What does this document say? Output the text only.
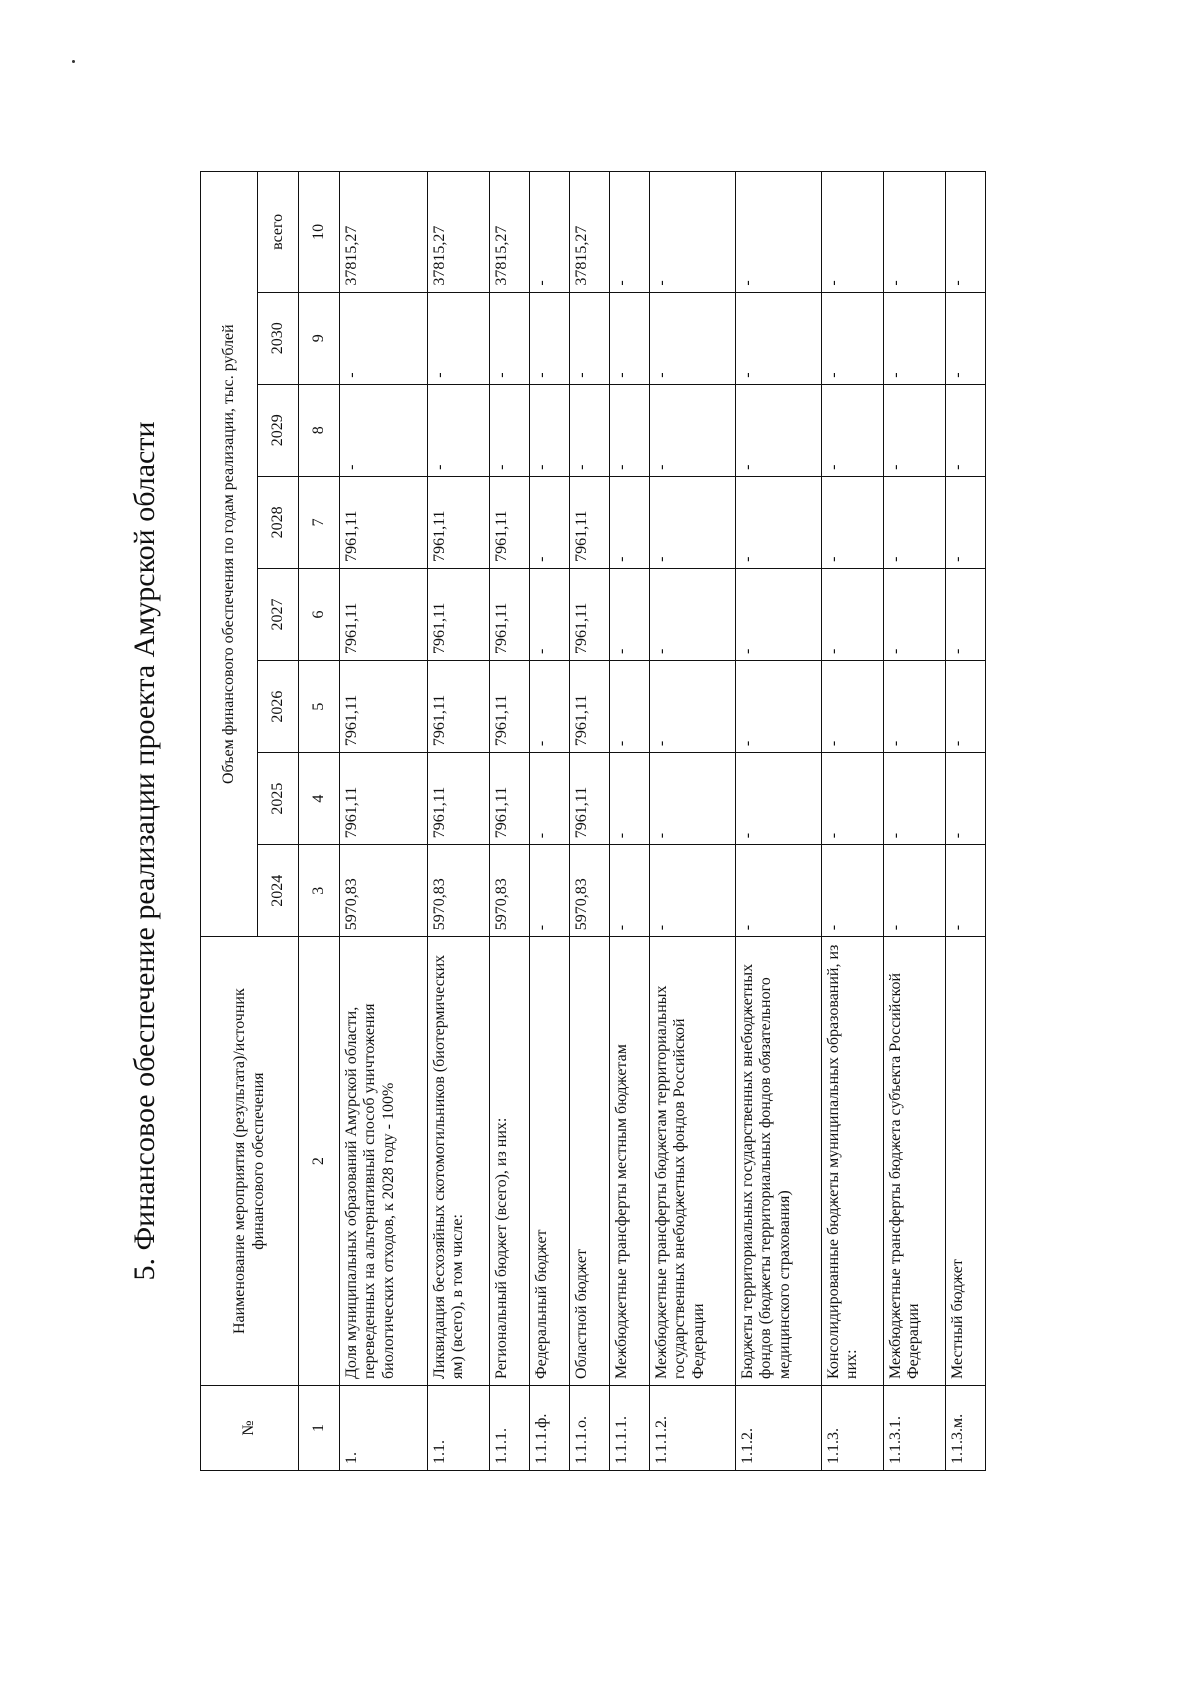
5. Финансовое обеспечение реализации проекта Амурской области
№	Наименование мероприятия (результата)/источник финансового обеспечения	Объем финансового обеспечения по годам реализации, тыс. рублей							
		2024	2025	2026	2027	2028	2029	2030	всего
1	2	3	4	5	6	7	8	9	10
1.	Доля муниципальных образований Амурской области, переведенных на альтернативный способ уничтожения биологических отходов, к 2028 году - 100%	5970,83	7961,11	7961,11	7961,11	7961,11	-	-	37815,27
1.1.	Ликвидация бесхозяйных скотомогильников (биотермических ям) (всего), в том числе:	5970,83	7961,11	7961,11	7961,11	7961,11	-	-	37815,27
1.1.1.	Региональный бюджет (всего), из них:	5970,83	7961,11	7961,11	7961,11	7961,11	-	-	37815,27
1.1.1.ф.	Федеральный бюджет	-	-	-	-	-	-	-	-
1.1.1.о.	Областной бюджет	5970,83	7961,11	7961,11	7961,11	7961,11	-	-	37815,27
1.1.1.1.	Межбюджетные трансферты местным бюджетам	-	-	-	-	-	-	-	-
1.1.1.2.	Межбюджетные трансферты бюджетам территориальных государственных внебюджетных фондов Российской Федерации	-	-	-	-	-	-	-	-
1.1.2.	Бюджеты территориальных государственных внебюджетных фондов (бюджеты территориальных фондов обязательного медицинского страхования)	-	-	-	-	-	-	-	-
1.1.3.	Консолидированные бюджеты муниципальных образований, из них:	-	-	-	-	-	-	-	-
1.1.3.1.	Межбюджетные трансферты бюджета субъекта Российской Федерации	-	-	-	-	-	-	-	-
1.1.3.м.	Местный бюджет	-	-	-	-	-	-	-	-
